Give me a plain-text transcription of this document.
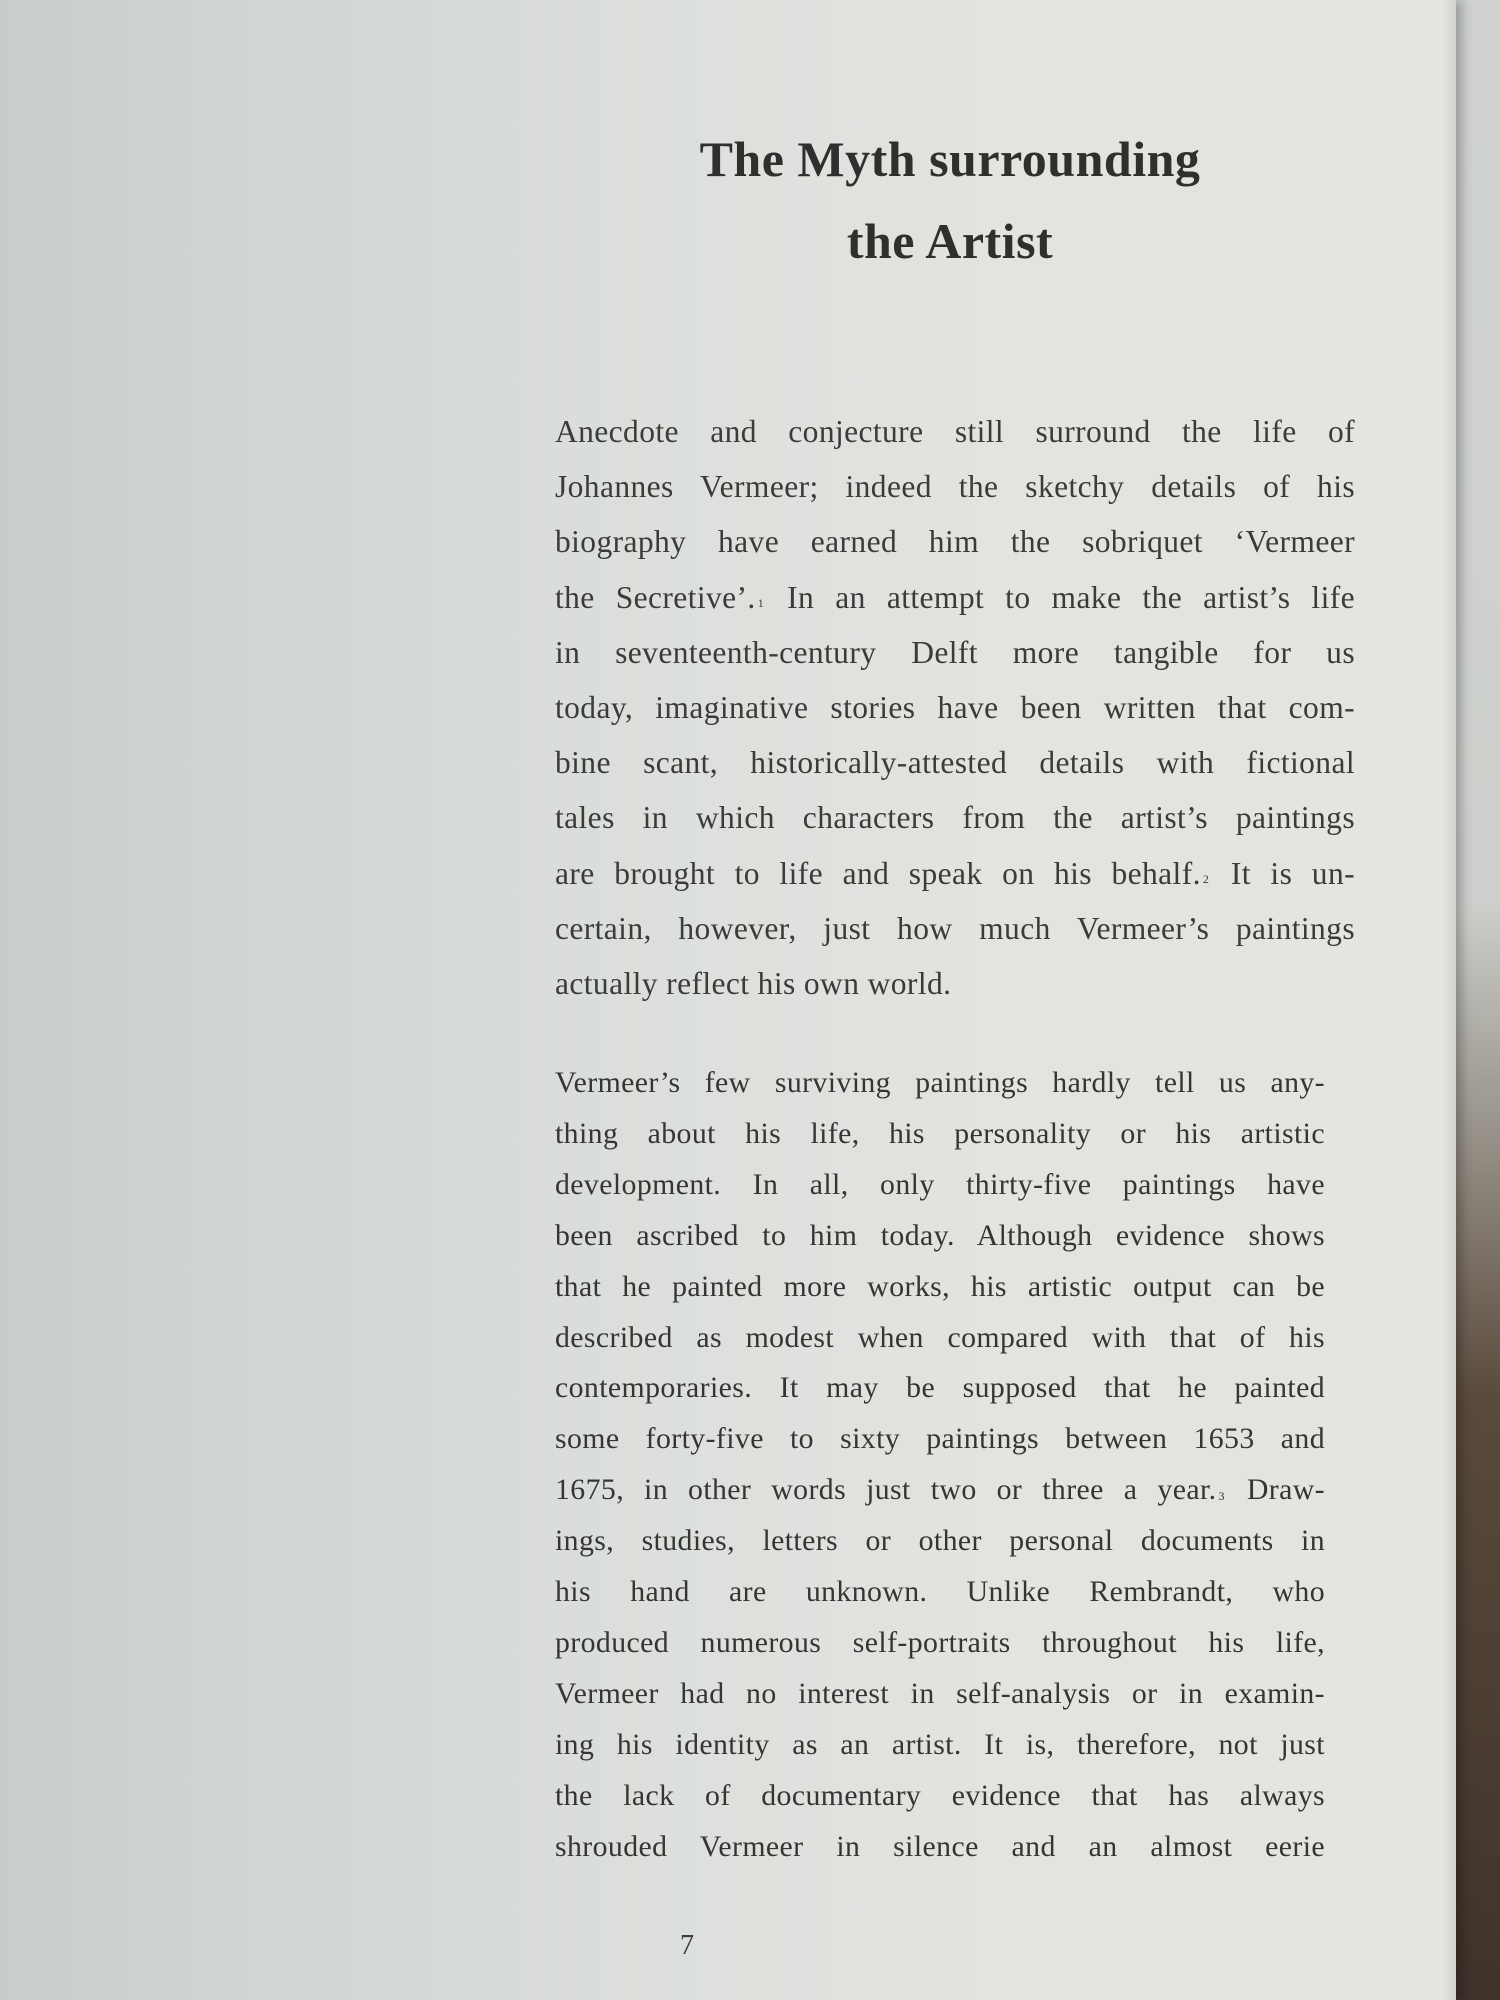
The Myth surrounding
the Artist
Anecdote and conjecture still surround the life of
Johannes Vermeer; indeed the sketchy details of his
biography have earned him the sobriquet ‘Vermeer
the Secretive’. $^1$ In an attempt to make the artist’s life
in seventeenth-century Delft more tangible for us
today, imaginative stories have been written that com-
bine scant, historically-attested details with fictional
tales in which characters from the artist’s paintings
are brought to life and speak on his behalf. $^2$ It is un-
certain, however, just how much Vermeer’s paintings
actually reflect his own world.
Vermeer’s few surviving paintings hardly tell us any-
thing about his life, his personality or his artistic
development. In all, only thirty-five paintings have
been ascribed to him today. Although evidence shows
that he painted more works, his artistic output can be
described as modest when compared with that of his
contemporaries. It may be supposed that he painted
some forty-five to sixty paintings between 1653 and
1675, in other words just two or three a year. $^3$ Draw-
ings, studies, letters or other personal documents in
his hand are unknown. Unlike Rembrandt, who
produced numerous self-portraits throughout his life,
Vermeer had no interest in self-analysis or in examin-
ing his identity as an artist. It is, therefore, not just
the lack of documentary evidence that has always
shrouded Vermeer in silence and an almost eerie
7
